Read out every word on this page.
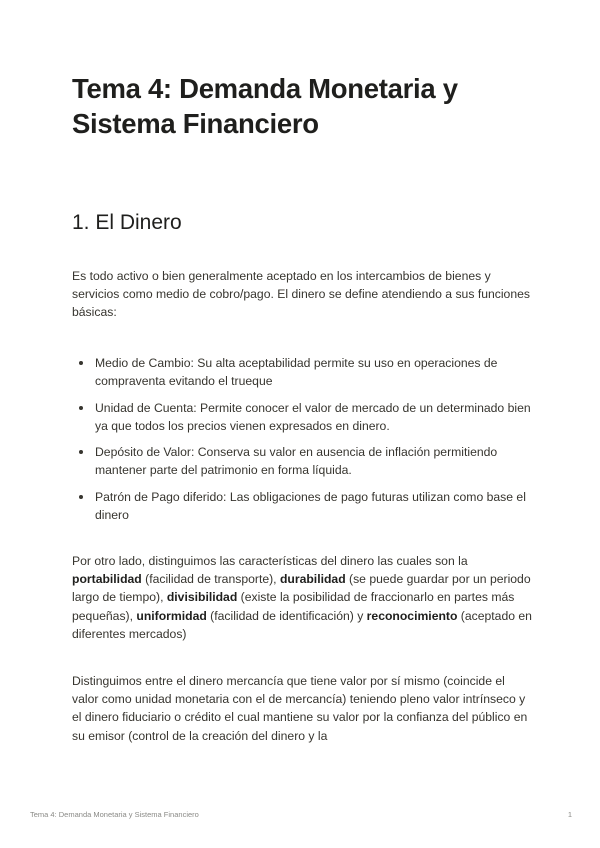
Tema 4: Demanda Monetaria y Sistema Financiero
1. El Dinero

Es todo activo o bien generalmente aceptado en los intercambios de bienes y servicios como medio de cobro/pago. El dinero se define atendiendo a sus funciones básicas:

Medio de Cambio: Su alta aceptabilidad permite su uso en operaciones de compraventa evitando el trueque
Unidad de Cuenta: Permite conocer el valor de mercado de un determinado bien ya que todos los precios vienen expresados en dinero.
Depósito de Valor: Conserva su valor en ausencia de inflación permitiendo mantener parte del patrimonio en forma líquida.
Patrón de Pago diferido: Las obligaciones de pago futuras utilizan como base el dinero

Por otro lado, distinguimos las características del dinero las cuales son la portabilidad (facilidad de transporte), durabilidad (se puede guardar por un periodo largo de tiempo), divisibilidad (existe la posibilidad de fraccionarlo en partes más pequeñas), uniformidad (facilidad de identificación) y reconocimiento (aceptado en diferentes mercados)

Distinguimos entre el dinero mercancía que tiene valor por sí mismo (coincide el valor como unidad monetaria con el de mercancía) teniendo pleno valor intrínseco y el dinero fiduciario o crédito el cual mantiene su valor por la confianza del público en su emisor (control de la creación del dinero y la

Tema 4: Demanda Monetaria y Sistema Financiero	1
